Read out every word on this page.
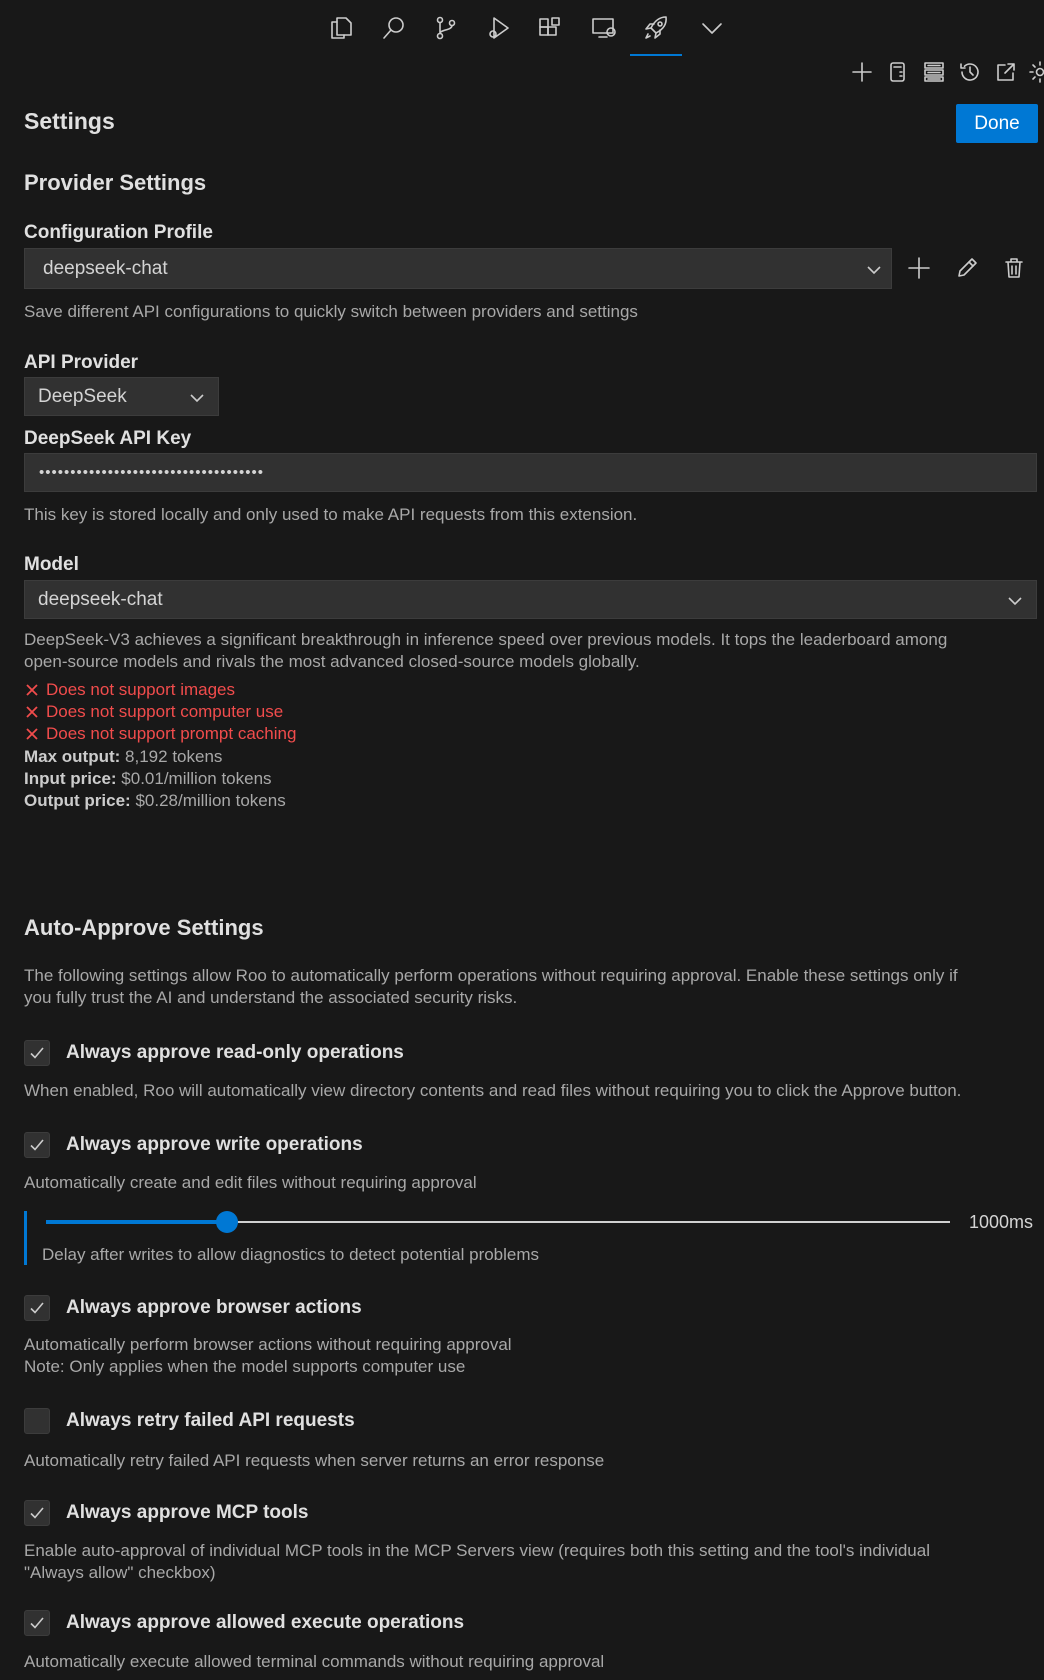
Settings	Done
Provider Settings
Configuration Profile
deepseek-chat
Save different API configurations to quickly switch between providers and settings
API Provider
DeepSeek
DeepSeek API Key
••••••••••••••••••••••••••••••••••••
This key is stored locally and only used to make API requests from this extension.
Model
deepseek-chat
DeepSeek-V3 achieves a significant breakthrough in inference speed over previous models. It tops the leaderboard among
open-source models and rivals the most advanced closed-source models globally.
Does not support images
Does not support computer use
Does not support prompt caching
Max output: 8,192 tokens
Input price: $0.01/million tokens
Output price: $0.28/million tokens
Auto-Approve Settings
The following settings allow Roo to automatically perform operations without requiring approval. Enable these settings only if
you fully trust the AI and understand the associated security risks.
Always approve read-only operations
When enabled, Roo will automatically view directory contents and read files without requiring you to click the Approve button.
Always approve write operations
Automatically create and edit files without requiring approval
1000ms
Delay after writes to allow diagnostics to detect potential problems
Always approve browser actions
Automatically perform browser actions without requiring approval
Note: Only applies when the model supports computer use
Always retry failed API requests
Automatically retry failed API requests when server returns an error response
Always approve MCP tools
Enable auto-approval of individual MCP tools in the MCP Servers view (requires both this setting and the tool's individual
"Always allow" checkbox)
Always approve allowed execute operations
Automatically execute allowed terminal commands without requiring approval
